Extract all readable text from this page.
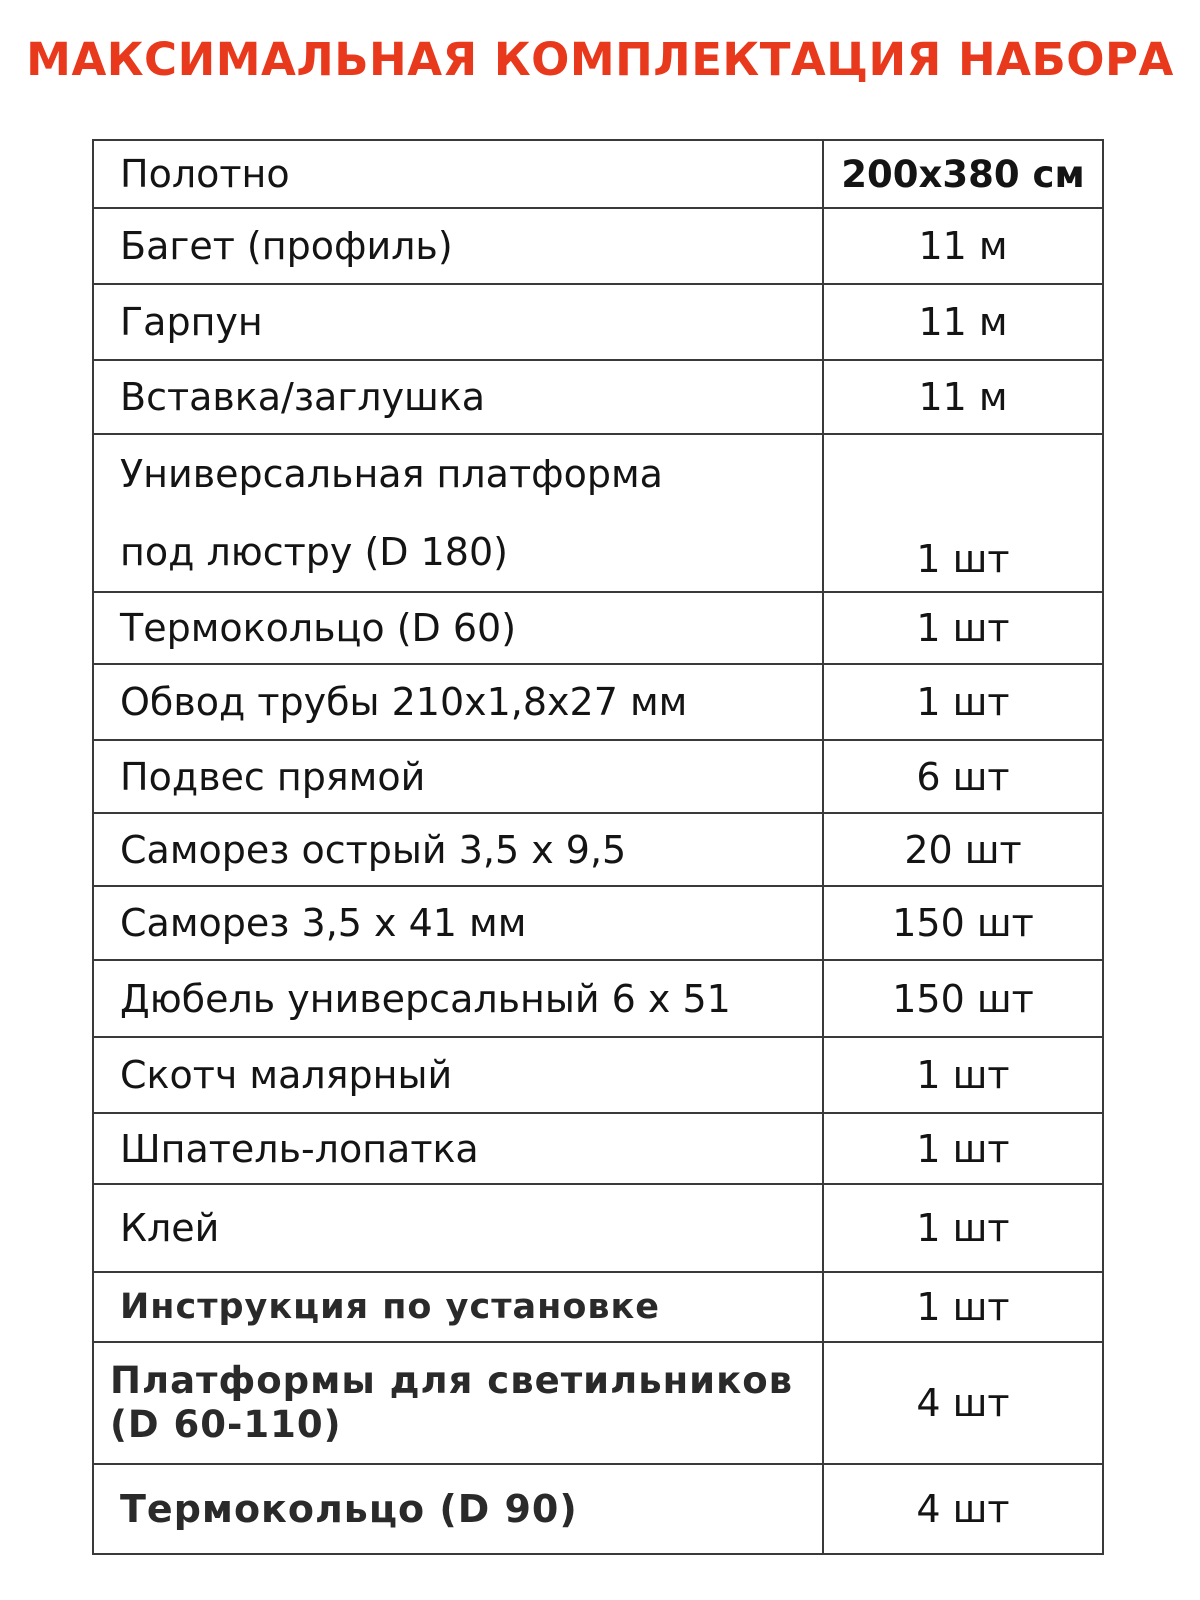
МАКСИМАЛЬНАЯ КОМПЛЕКТАЦИЯ НАБОРА
Полотно	200х380 см
Багет (профиль)	11 м
Гарпун	11 м
Вставка/заглушка	11 м

Универсальная платформа
под люстру (D 180)	1 шт
Термокольцо (D 60)	1 шт
Обвод трубы 210х1,8х27 мм	1 шт
Подвес прямой	6 шт
Саморез острый 3,5 х 9,5	20 шт
Саморез 3,5 х 41 мм	150 шт
Дюбель универсальный 6 х 51	150 шт
Скотч малярный	1 шт
Шпатель-лопатка	1 шт
Клей	1 шт
Инструкция по установке	1 шт

Платформы для светильников
(D 60-110)	4 шт
Термокольцо (D 90)	4 шт
